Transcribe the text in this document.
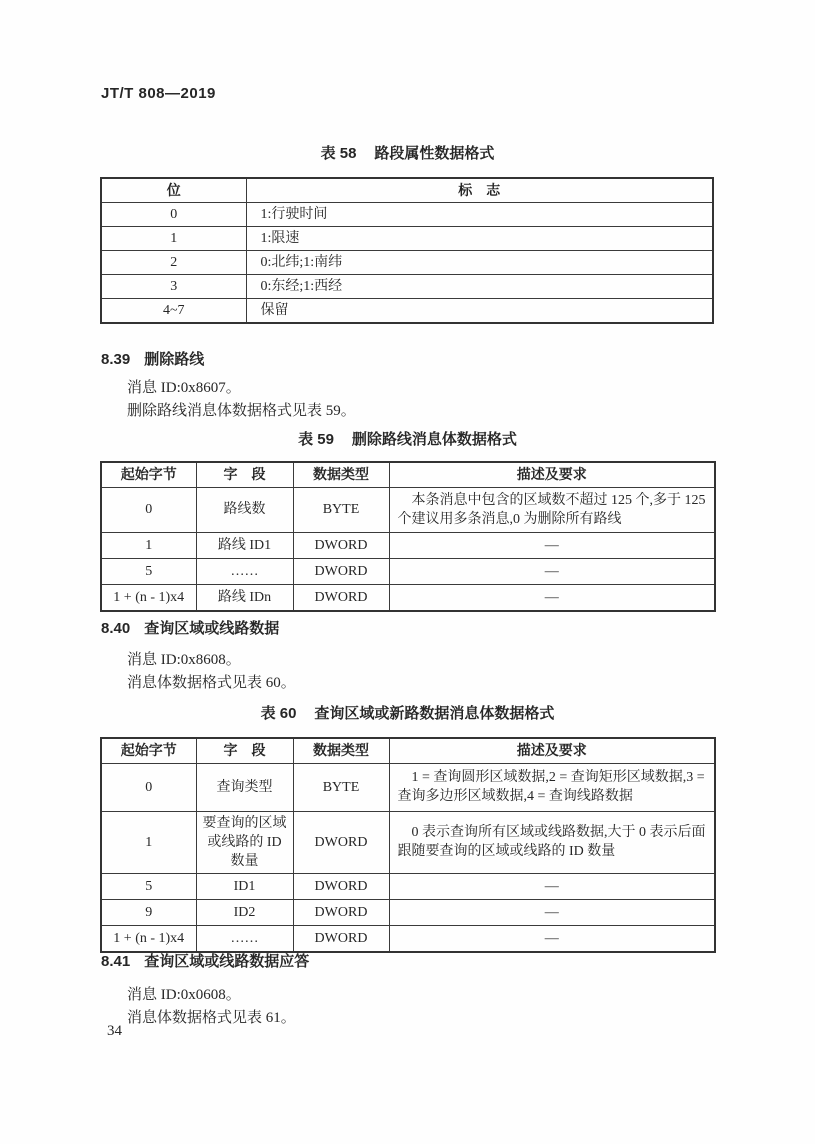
JT/T 808—2019
表 58 路段属性数据格式
位	标　志
0	1:行驶时间
1	1:限速
2	0:北纬;1:南纬
3	0:东经;1:西经
4~7	保留
8.39 删除路线
消息 ID:0x8607。
删除路线消息体数据格式见表 59。
表 59 删除路线消息体数据格式
起始字节	字　段	数据类型	描述及要求
0	路线数	BYTE	本条消息中包含的区域数不超过 125 个,多于 125 个建议用多条消息,0 为删除所有路线
1	路线 ID1	DWORD	—
5	……	DWORD	—
1 + (n - 1)x4	路线 IDn	DWORD	—
8.40 查询区域或线路数据
消息 ID:0x8608。
消息体数据格式见表 60。
表 60 查询区域或新路数据消息体数据格式
起始字节	字　段	数据类型	描述及要求
0	查询类型	BYTE	1 = 查询圆形区域数据,2 = 查询矩形区域数据,3 = 查询多边形区域数据,4 = 查询线路数据
1	要查询的区域或线路的 ID 数量	DWORD	0 表示查询所有区域或线路数据,大于 0 表示后面跟随要查询的区域或线路的 ID 数量
5	ID1	DWORD	—
9	ID2	DWORD	—
1 + (n - 1)x4	……	DWORD	—
8.41 查询区域或线路数据应答
消息 ID:0x0608。
消息体数据格式见表 61。
34
